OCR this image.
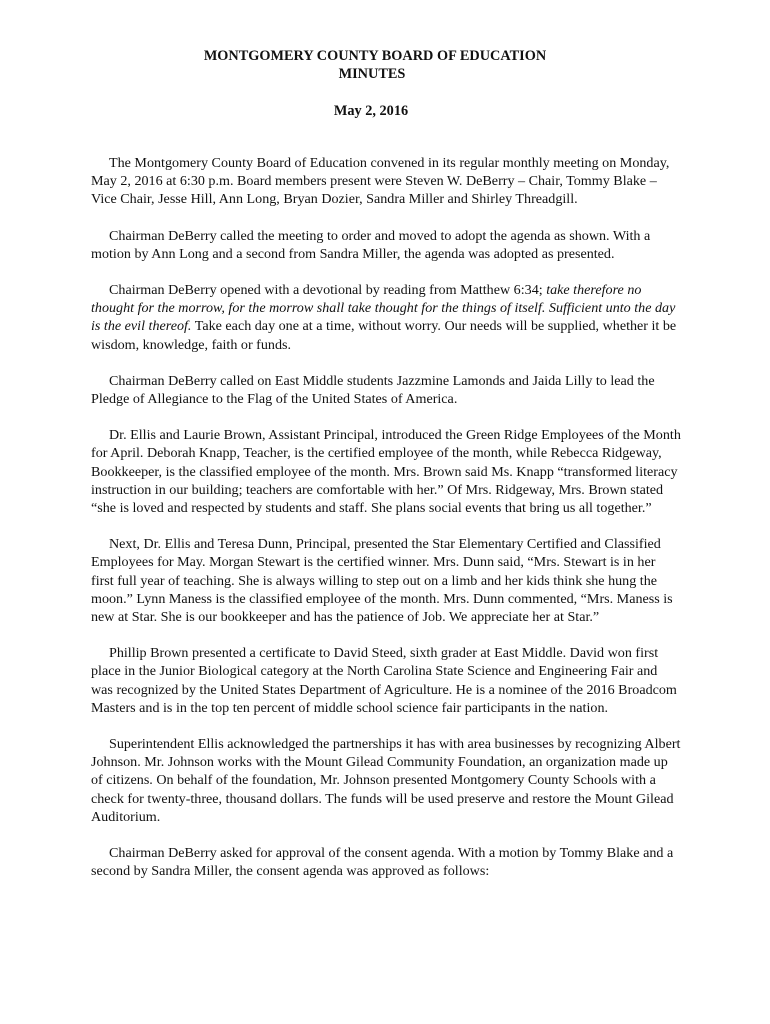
MONTGOMERY COUNTY BOARD OF EDUCATION
MINUTES
May 2, 2016

The Montgomery County Board of Education convened in its regular monthly meeting on Monday, May 2, 2016 at 6:30 p.m. Board members present were Steven W. DeBerry – Chair, Tommy Blake – Vice Chair, Jesse Hill, Ann Long, Bryan Dozier, Sandra Miller and Shirley Threadgill.

Chairman DeBerry called the meeting to order and moved to adopt the agenda as shown. With a motion by Ann Long and a second from Sandra Miller, the agenda was adopted as presented.

Chairman DeBerry opened with a devotional by reading from Matthew 6:34; take therefore no thought for the morrow, for the morrow shall take thought for the things of itself. Sufficient unto the day is the evil thereof. Take each day one at a time, without worry. Our needs will be supplied, whether it be wisdom, knowledge, faith or funds.

Chairman DeBerry called on East Middle students Jazzmine Lamonds and Jaida Lilly to lead the Pledge of Allegiance to the Flag of the United States of America.

Dr. Ellis and Laurie Brown, Assistant Principal, introduced the Green Ridge Employees of the Month for April. Deborah Knapp, Teacher, is the certified employee of the month, while Rebecca Ridgeway, Bookkeeper, is the classified employee of the month. Mrs. Brown said Ms. Knapp “transformed literacy instruction in our building; teachers are comfortable with her.” Of Mrs. Ridgeway, Mrs. Brown stated “she is loved and respected by students and staff. She plans social events that bring us all together.”

Next, Dr. Ellis and Teresa Dunn, Principal, presented the Star Elementary Certified and Classified Employees for May. Morgan Stewart is the certified winner. Mrs. Dunn said, “Mrs. Stewart is in her first full year of teaching. She is always willing to step out on a limb and her kids think she hung the moon.” Lynn Maness is the classified employee of the month. Mrs. Dunn commented, “Mrs. Maness is new at Star. She is our bookkeeper and has the patience of Job. We appreciate her at Star.”

Phillip Brown presented a certificate to David Steed, sixth grader at East Middle. David won first place in the Junior Biological category at the North Carolina State Science and Engineering Fair and was recognized by the United States Department of Agriculture. He is a nominee of the 2016 Broadcom Masters and is in the top ten percent of middle school science fair participants in the nation.

Superintendent Ellis acknowledged the partnerships it has with area businesses by recognizing Albert Johnson. Mr. Johnson works with the Mount Gilead Community Foundation, an organization made up of citizens. On behalf of the foundation, Mr. Johnson presented Montgomery County Schools with a check for twenty-three, thousand dollars. The funds will be used preserve and restore the Mount Gilead Auditorium.

Chairman DeBerry asked for approval of the consent agenda. With a motion by Tommy Blake and a second by Sandra Miller, the consent agenda was approved as follows:
